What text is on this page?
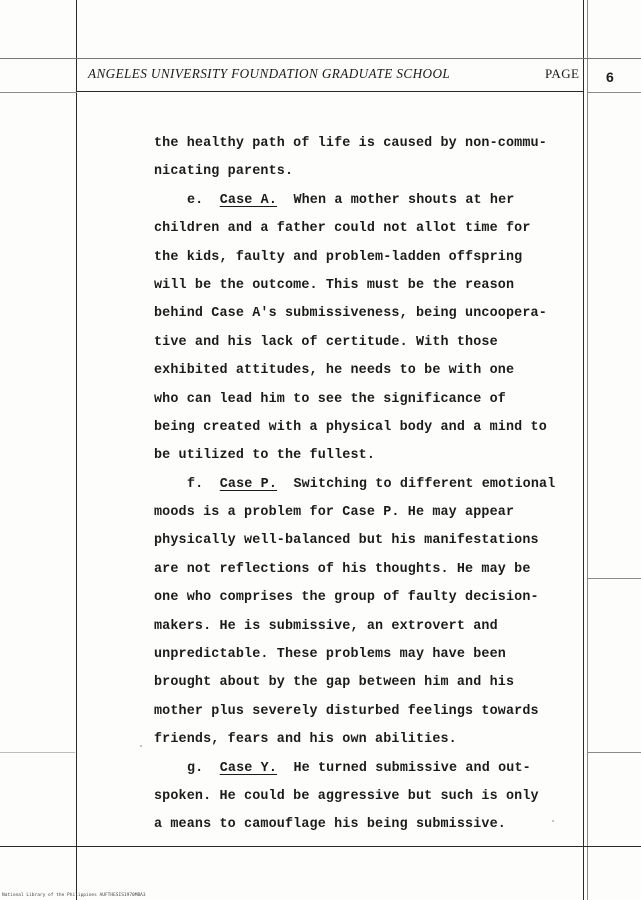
ANGELES UNIVERSITY FOUNDATION GRADUATE SCHOOL	PAGE 6
the healthy path of life is caused by non-commu-
nicating parents.
e. Case A. When a mother shouts at her
children and a father could not allot time for
the kids, faulty and problem-ladden offspring
will be the outcome. This must be the reason
behind Case A's submissiveness, being uncoopera-
tive and his lack of certitude. With those
exhibited attitudes, he needs to be with one
who can lead him to see the significance of
being created with a physical body and a mind to
be utilized to the fullest.
f. Case P. Switching to different emotional
moods is a problem for Case P. He may appear
physically well-balanced but his manifestations
are not reflections of his thoughts. He may be
one who comprises the group of faulty decision-
makers. He is submissive, an extrovert and
unpredictable. These problems may have been
brought about by the gap between him and his
mother plus severely disturbed feelings towards
friends, fears and his own abilities.
g. Case Y. He turned submissive and out-
spoken. He could be aggressive but such is only
a means to camouflage his being submissive.
National Library of the Philippines AUFTHESIS1970MBA3
